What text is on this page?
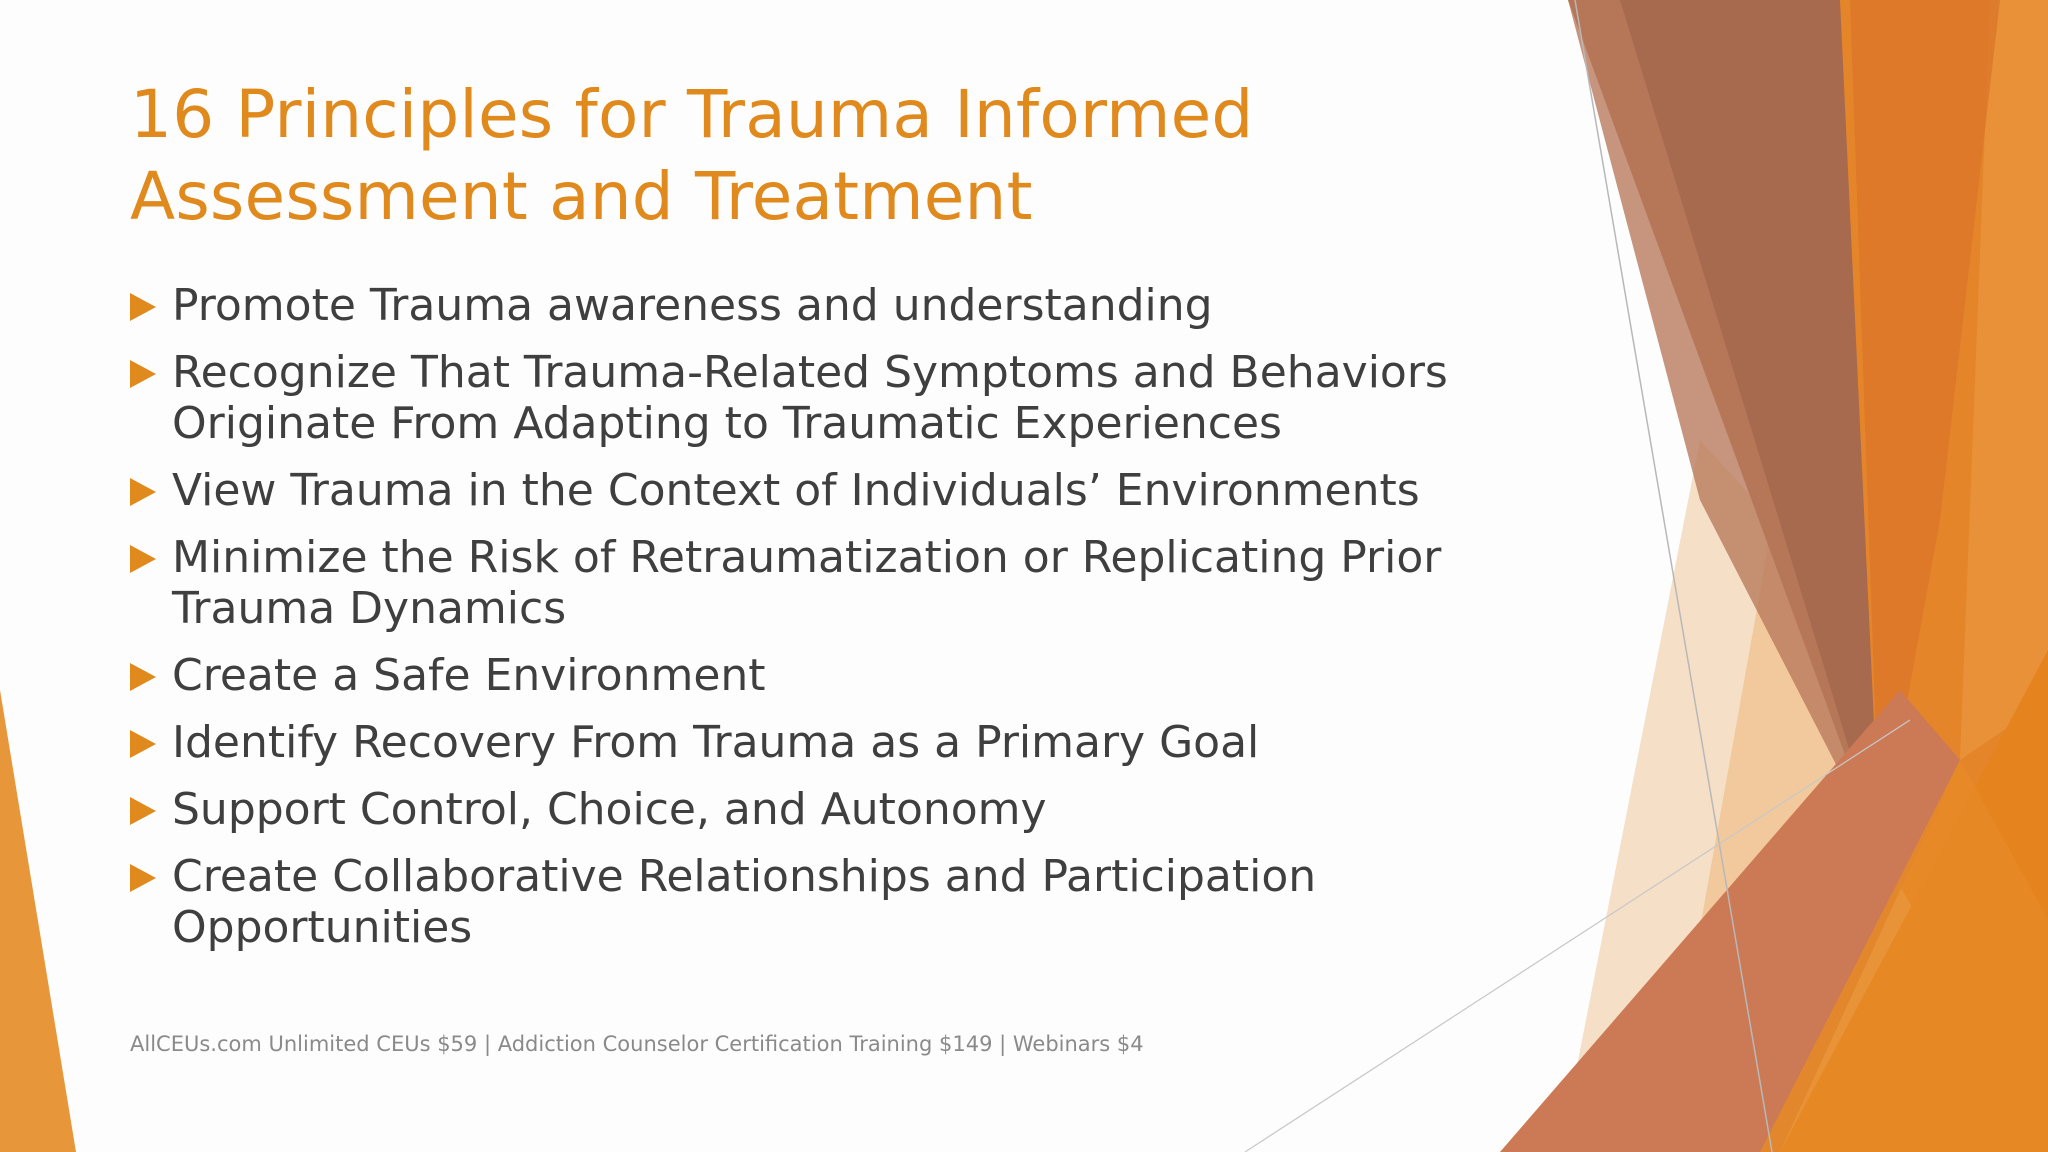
16 Principles for Trauma Informed Assessment and Treatment
Promote Trauma awareness and understanding
Recognize That Trauma-Related Symptoms and Behaviors Originate From Adapting to Traumatic Experiences
View Trauma in the Context of Individuals’ Environments
Minimize the Risk of Retraumatization or Replicating Prior Trauma Dynamics
Create a Safe Environment
Identify Recovery From Trauma as a Primary Goal
Support Control, Choice, and Autonomy
Create Collaborative Relationships and Participation Opportunities
AllCEUs.com Unlimited CEUs $59 | Addiction Counselor Certification Training $149 | Webinars $4
